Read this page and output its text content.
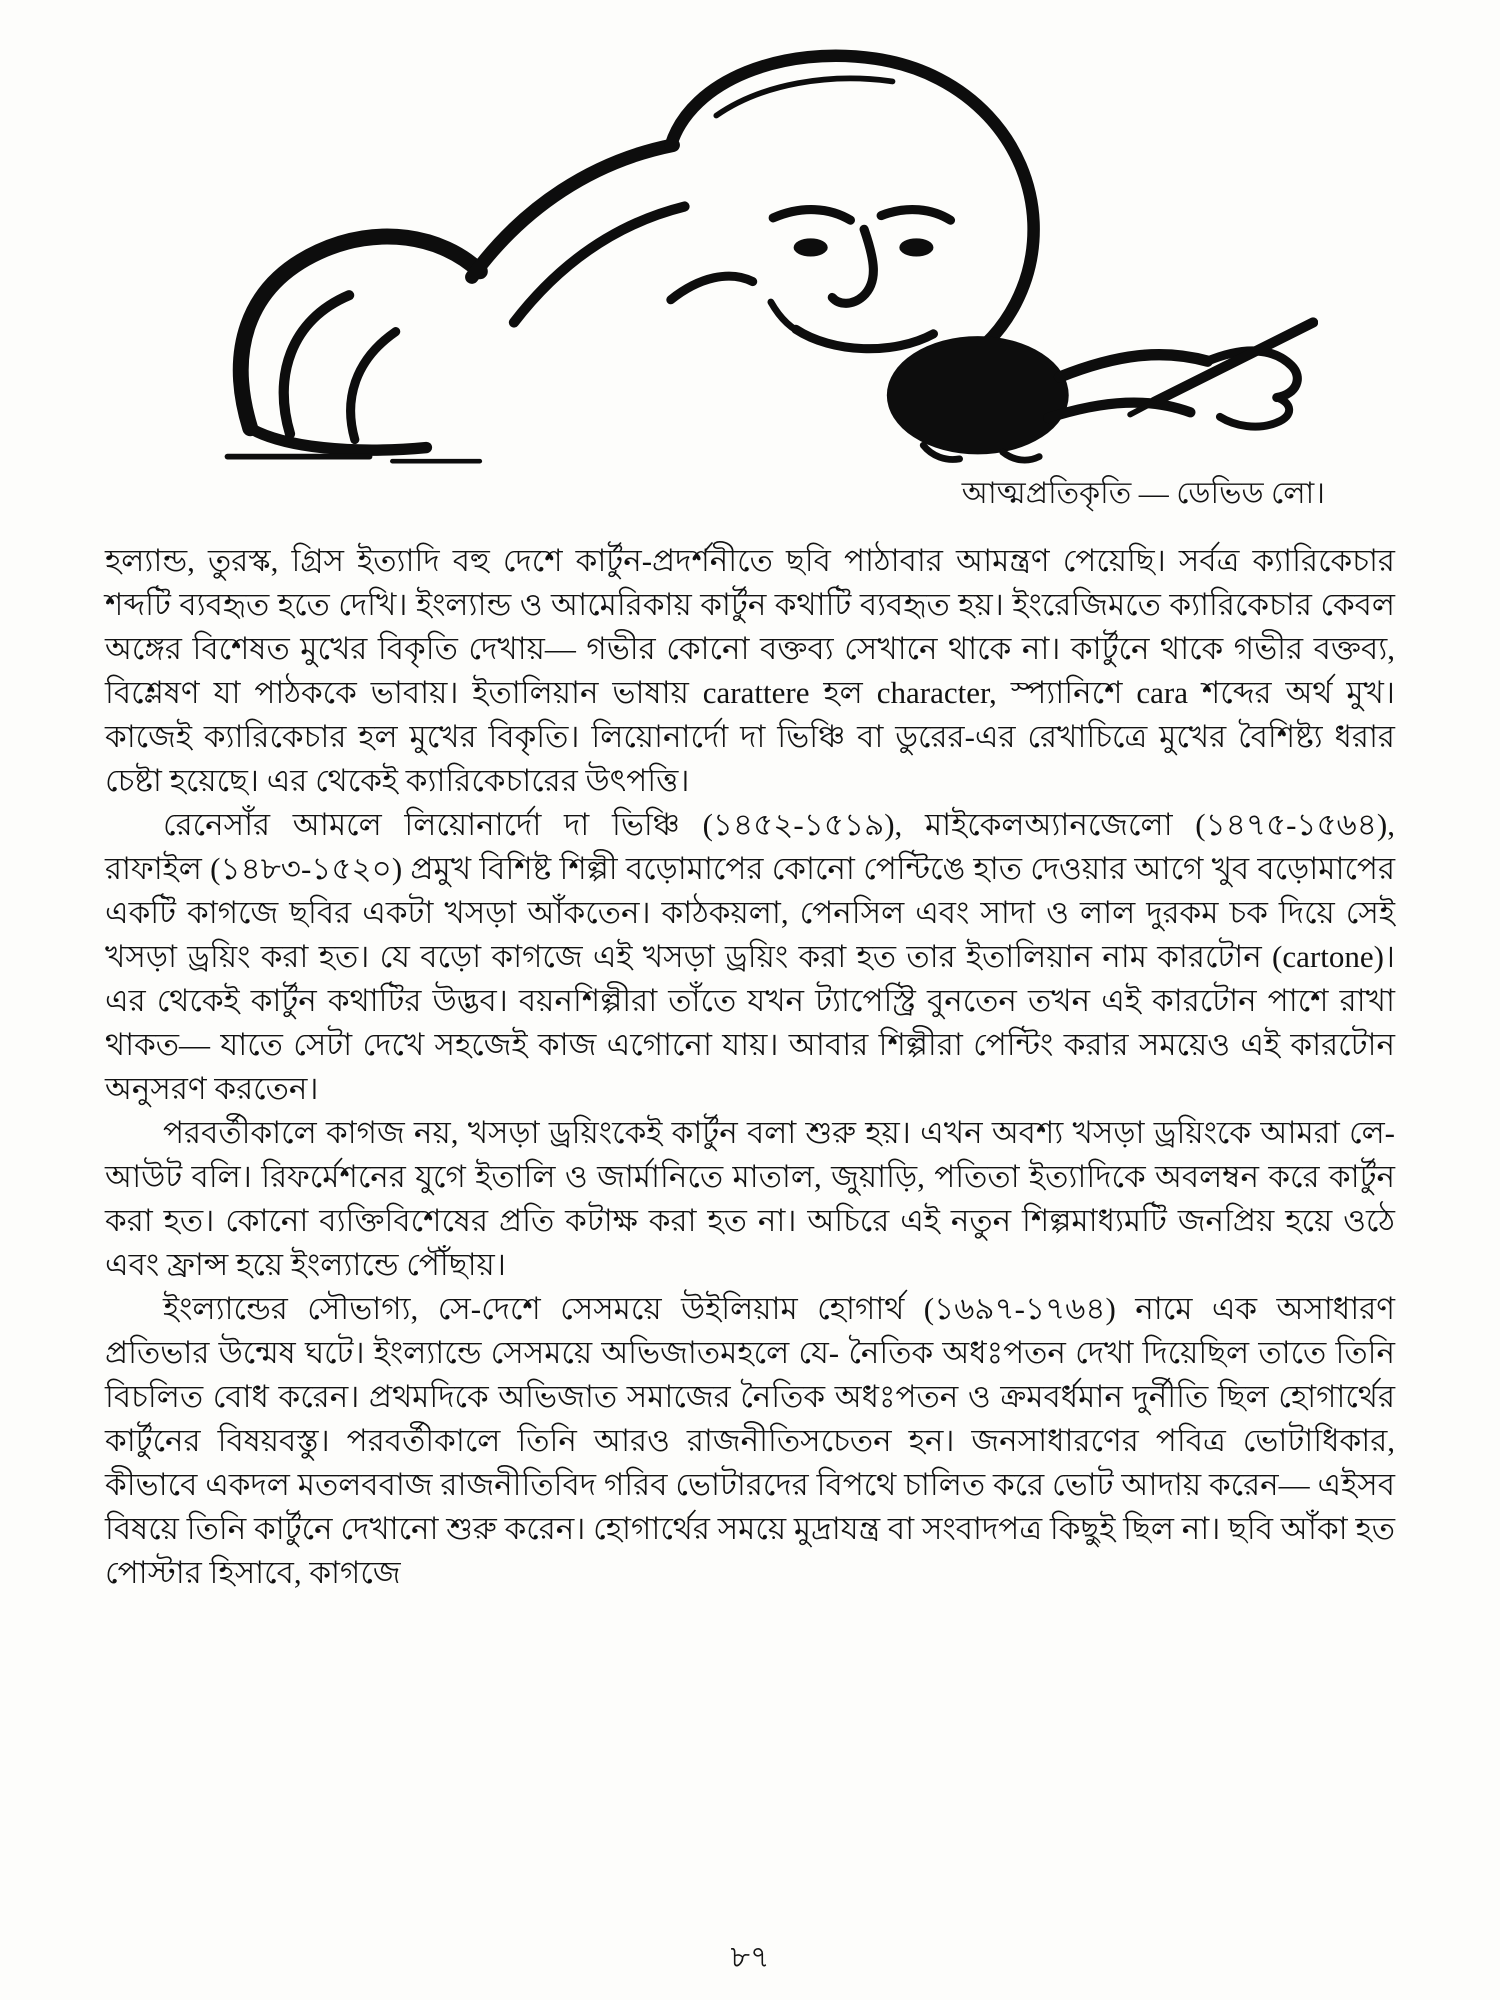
আত্মপ্রতিকৃতি — ডেভিড লো।

হল্যান্ড, তুরস্ক, গ্রিস ইত্যাদি বহু দেশে কার্টুন-প্রদর্শনীতে ছবি পাঠাবার আমন্ত্রণ পেয়েছি। সর্বত্র ক্যারিকেচার শব্দটি ব্যবহৃত হতে দেখি। ইংল্যান্ড ও আমেরিকায় কার্টুন কথাটি ব্যবহৃত হয়। ইংরেজিমতে ক্যারিকেচার কেবল অঙ্গের বিশেষত মুখের বিকৃতি দেখায়— গভীর কোনো বক্তব্য সেখানে থাকে না। কার্টুনে থাকে গভীর বক্তব্য, বিশ্লেষণ যা পাঠককে ভাবায়। ইতালিয়ান ভাষায় carattere হল character, স্প্যানিশে cara শব্দের অর্থ মুখ। কাজেই ক্যারিকেচার হল মুখের বিকৃতি। লিয়োনার্দো দা ভিঞ্চি বা ডুরের-এর রেখাচিত্রে মুখের বৈশিষ্ট্য ধরার চেষ্টা হয়েছে। এর থেকেই ক্যারিকেচারের উৎপত্তি।

রেনেসাঁর আমলে লিয়োনার্দো দা ভিঞ্চি (১৪৫২-১৫১৯), মাইকেলঅ্যানজেলো (১৪৭৫-১৫৬৪), রাফাইল (১৪৮৩-১৫২০) প্রমুখ বিশিষ্ট শিল্পী বড়োমাপের কোনো পেন্টিঙে হাত দেওয়ার আগে খুব বড়োমাপের একটি কাগজে ছবির একটা খসড়া আঁকতেন। কাঠকয়লা, পেনসিল এবং সাদা ও লাল দুরকম চক দিয়ে সেই খসড়া ড্রয়িং করা হত। যে বড়ো কাগজে এই খসড়া ড্রয়িং করা হত তার ইতালিয়ান নাম কারটোন (cartone)। এর থেকেই কার্টুন কথাটির উদ্ভব। বয়নশিল্পীরা তাঁতে যখন ট্যাপেস্ট্রি বুনতেন তখন এই কারটোন পাশে রাখা থাকত— যাতে সেটা দেখে সহজেই কাজ এগোনো যায়। আবার শিল্পীরা পেন্টিং করার সময়েও এই কারটোন অনুসরণ করতেন।

পরবর্তীকালে কাগজ নয়, খসড়া ড্রয়িংকেই কার্টুন বলা শুরু হয়। এখন অবশ্য খসড়া ড্রয়িংকে আমরা লে-আউট বলি। রিফর্মেশনের যুগে ইতালি ও জার্মানিতে মাতাল, জুয়াড়ি, পতিতা ইত্যাদিকে অবলম্বন করে কার্টুন করা হত। কোনো ব্যক্তিবিশেষের প্রতি কটাক্ষ করা হত না। অচিরে এই নতুন শিল্পমাধ্যমটি জনপ্রিয় হয়ে ওঠে এবং ফ্রান্স হয়ে ইংল্যান্ডে পৌঁছায়।

ইংল্যান্ডের সৌভাগ্য, সে-দেশে সেসময়ে উইলিয়াম হোগার্থ (১৬৯৭-১৭৬৪) নামে এক অসাধারণ প্রতিভার উন্মেষ ঘটে। ইংল্যান্ডে সেসময়ে অভিজাতমহলে যে- নৈতিক অধঃপতন দেখা দিয়েছিল তাতে তিনি বিচলিত বোধ করেন। প্রথমদিকে অভিজাত সমাজের নৈতিক অধঃপতন ও ক্রমবর্ধমান দুর্নীতি ছিল হোগার্থের কার্টুনের বিষয়বস্তু। পরবর্তীকালে তিনি আরও রাজনীতিসচেতন হন। জনসাধারণের পবিত্র ভোটাধিকার, কীভাবে একদল মতলববাজ রাজনীতিবিদ গরিব ভোটারদের বিপথে চালিত করে ভোট আদায় করেন— এইসব বিষয়ে তিনি কার্টুনে দেখানো শুরু করেন। হোগার্থের সময়ে মুদ্রাযন্ত্র বা সংবাদপত্র কিছুই ছিল না। ছবি আঁকা হত পোস্টার হিসাবে, কাগজে

৮৭
